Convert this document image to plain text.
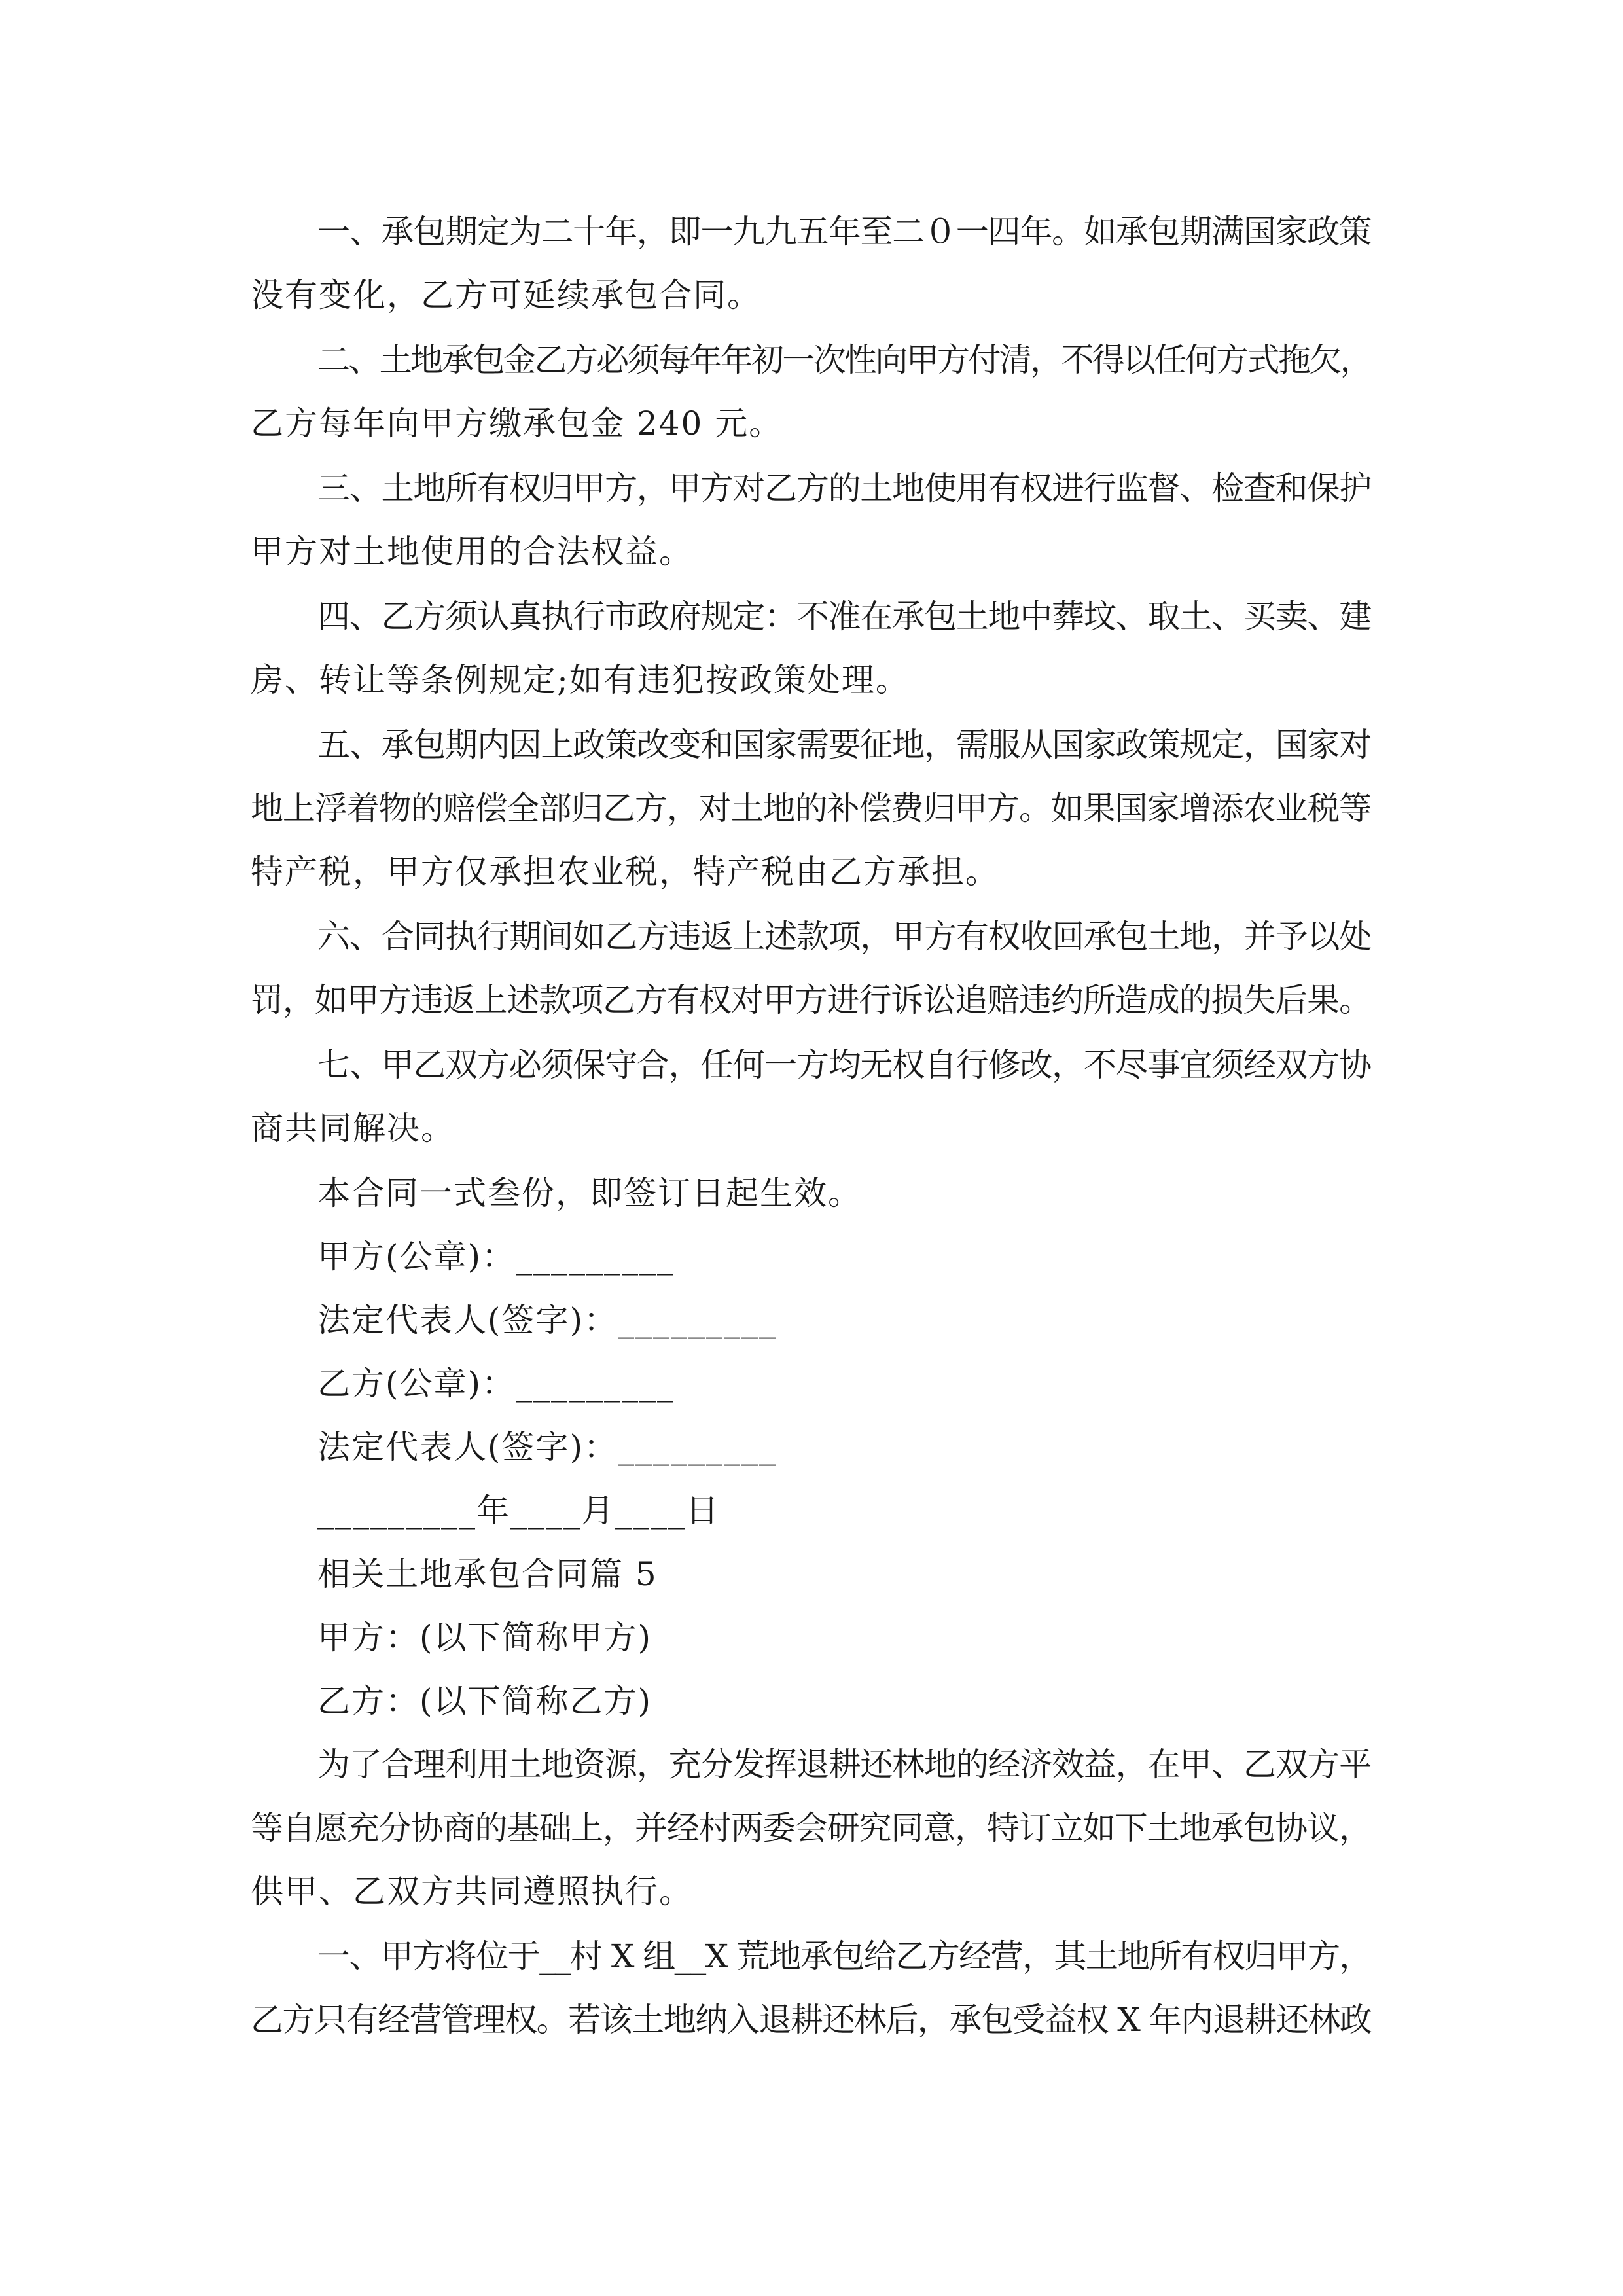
一、承包期定为二十年，即一九九五年至二０一四年。如承包期满国家政策
没有变化，乙方可延续承包合同。
二、土地承包金乙方必须每年年初一次性向甲方付清，不得以任何方式拖欠，
乙方每年向甲方缴承包金 240 元。
三、土地所有权归甲方，甲方对乙方的土地使用有权进行监督、检查和保护
甲方对土地使用的合法权益。
四、乙方须认真执行市政府规定：不准在承包土地中葬坟、取土、买卖、建
房、转让等条例规定;如有违犯按政策处理。
五、承包期内因上政策改变和国家需要征地，需服从国家政策规定，国家对
地上浮着物的赔偿全部归乙方，对土地的补偿费归甲方。如果国家增添农业税等
特产税，甲方仅承担农业税，特产税由乙方承担。
六、合同执行期间如乙方违返上述款项，甲方有权收回承包土地，并予以处
罚，如甲方违返上述款项乙方有权对甲方进行诉讼追赔违约所造成的损失后果。
七、甲乙双方必须保守合，任何一方均无权自行修改，不尽事宜须经双方协
商共同解决。
本合同一式叁份，即签订日起生效。
甲方(公章)：_________
法定代表人(签字)：_________
乙方(公章)：_________
法定代表人(签字)：_________
_________年____月____日
相关土地承包合同篇 5
甲方：(以下简称甲方)
乙方：(以下简称乙方)
为了合理利用土地资源，充分发挥退耕还林地的经济效益，在甲、乙双方平
等自愿充分协商的基础上，并经村两委会研究同意，特订立如下土地承包协议，
供甲、乙双方共同遵照执行。
一、甲方将位于__村 X 组__X 荒地承包给乙方经营，其土地所有权归甲方，
乙方只有经营管理权。若该土地纳入退耕还林后，承包受益权 X 年内退耕还林政
